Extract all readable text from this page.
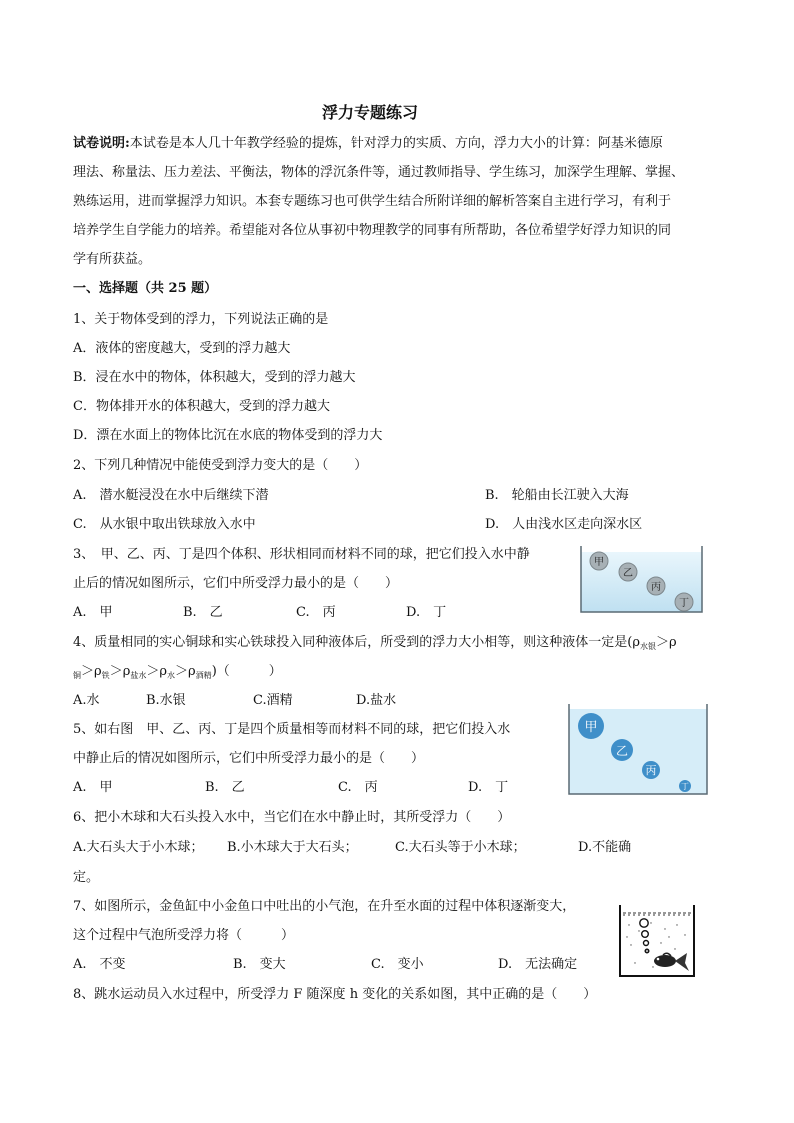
浮力专题练习
试卷说明:本试卷是本人几十年教学经验的提炼，针对浮力的实质、方向，浮力大小的计算：阿基米德原
理法、称量法、压力差法、平衡法，物体的浮沉条件等，通过教师指导、学生练习，加深学生理解、掌握、
熟练运用，进而掌握浮力知识。本套专题练习也可供学生结合所附详细的解析答案自主进行学习，有利于
培养学生自学能力的培养。希望能对各位从事初中物理教学的同事有所帮助，各位希望学好浮力知识的同
学有所获益。
一、选择题（共 25 题）
1、关于物体受到的浮力，下列说法正确的是
A．液体的密度越大，受到的浮力越大
B．浸在水中的物体，体积越大，受到的浮力越大
C．物体排开水的体积越大，受到的浮力越大
D．漂在水面上的物体比沉在水底的物体受到的浮力大
2、下列几种情况中能使受到浮力变大的是（　　）
A.　潜水艇浸没在水中后继续下潜	B.　轮船由长江驶入大海
C.　从水银中取出铁球放入水中	D.　人由浅水区走向深水区
3、　甲、乙、丙、丁是四个体积、形状相同而材料不同的球，把它们投入水中静
止后的情况如图所示，它们中所受浮力最小的是（　　）
A.　甲	B.　乙	C.　丙	D.　丁
甲
乙
丙
丁
4、质量相同的实心铜球和实心铁球投入同种液体后，所受到的浮力大小相等，则这种液体一定是($\rho_{水银}>\rho$
$_铜>\rho_铁>\rho_{盐水}>\rho_水>\rho_{酒精}$)（　　　）
A.水	B.水银	C.酒精	D.盐水
5、如右图　甲、乙、丙、丁是四个质量相等而材料不同的球，把它们投入水
中静止后的情况如图所示，它们中所受浮力最小的是（　　）
A.　甲	B.　乙	C.　丙	D.　丁
甲
乙
丙
丁
6、把小木球和大石头投入水中，当它们在水中静止时，其所受浮力（　　）
A.大石头大于小木球； B.小木球大于大石头；	C.大石头等于小木球；	D.不能确
定。
7、如图所示，金鱼缸中小金鱼口中吐出的小气泡，在升至水面的过程中体积逐渐变大，
这个过程中气泡所受浮力将（　　　）
A.　不变	B.　变大	C.　变小	D.　无法确定
8、跳水运动员入水过程中，所受浮力 F 随深度 h 变化的关系如图，其中正确的是（　　）
